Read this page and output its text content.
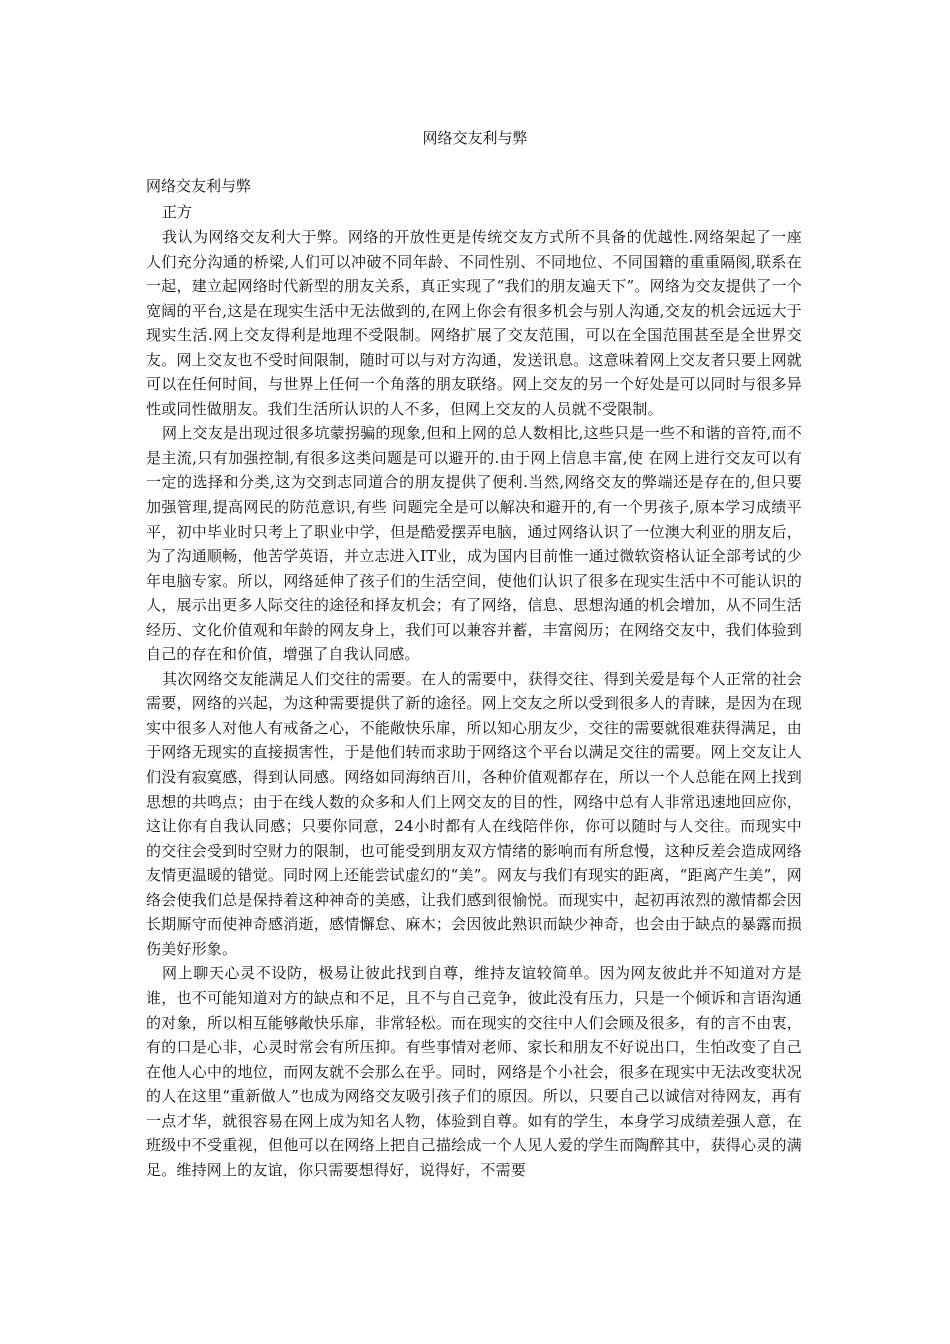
网络交友利与弊
网络交友利与弊
正方

我认为网络交友利大于弊。网络的开放性更是传统交友方式所不具备的优越性.网络架起了一座人们充分沟通的桥梁,人们可以冲破不同年龄、不同性别、不同地位、不同国籍的重重隔阂,联系在一起，建立起网络时代新型的朋友关系，真正实现了“我们的朋友遍天下”。网络为交友提供了一个宽阔的平台,这是在现实生活中无法做到的,在网上你会有很多机会与别人沟通,交友的机会远远大于现实生活.网上交友得利是地理不受限制。网络扩展了交友范围，可以在全国范围甚至是全世界交友。网上交友也不受时间限制，随时可以与对方沟通，发送讯息。这意味着网上交友者只要上网就可以在任何时间，与世界上任何一个角落的朋友联络。网上交友的另一个好处是可以同时与很多异性或同性做朋友。我们生活所认识的人不多，但网上交友的人员就不受限制。

网上交友是出现过很多坑蒙拐骗的现象,但和上网的总人数相比,这些只是一些不和谐的音符,而不是主流,只有加强控制,有很多这类问题是可以避开的.由于网上信息丰富,使 在网上进行交友可以有一定的选择和分类,这为交到志同道合的朋友提供了便利.当然,网络交友的弊端还是存在的,但只要加强管理,提高网民的防范意识,有些 问题完全是可以解决和避开的,有一个男孩子,原本学习成绩平平，初中毕业时只考上了职业中学，但是酷爱摆弄电脑，通过网络认识了一位澳大利亚的朋友后，为了沟通顺畅，他苦学英语，并立志进入IT业，成为国内目前惟一通过微软资格认证全部考试的少年电脑专家。所以，网络延伸了孩子们的生活空间，使他们认识了很多在现实生活中不可能认识的人，展示出更多人际交往的途径和择友机会；有了网络，信息、思想沟通的机会增加，从不同生活经历、文化价值观和年龄的网友身上，我们可以兼容并蓄，丰富阅历；在网络交友中，我们体验到自己的存在和价值，增强了自我认同感。

其次网络交友能满足人们交往的需要。在人的需要中，获得交往、得到关爱是每个人正常的社会需要，网络的兴起，为这种需要提供了新的途径。网上交友之所以受到很多人的青睐，是因为在现实中很多人对他人有戒备之心，不能敞快乐扉，所以知心朋友少，交往的需要就很难获得满足，由于网络无现实的直接损害性，于是他们转而求助于网络这个平台以满足交往的需要。网上交友让人们没有寂寞感，得到认同感。网络如同海纳百川，各种价值观都存在，所以一个人总能在网上找到思想的共鸣点；由于在线人数的众多和人们上网交友的目的性，网络中总有人非常迅速地回应你，这让你有自我认同感；只要你同意，24小时都有人在线陪伴你，你可以随时与人交往。而现实中的交往会受到时空财力的限制，也可能受到朋友双方情绪的影响而有所怠慢，这种反差会造成网络友情更温暖的错觉。同时网上还能尝试虚幻的“美”。网友与我们有现实的距离，“距离产生美”，网络会使我们总是保持着这种神奇的美感，让我们感到很愉悦。而现实中，起初再浓烈的激情都会因长期厮守而使神奇感消逝，感情懈怠、麻木；会因彼此熟识而缺少神奇，也会由于缺点的暴露而损伤美好形象。

网上聊天心灵不设防，极易让彼此找到自尊，维持友谊较简单。因为网友彼此并不知道对方是谁，也不可能知道对方的缺点和不足，且不与自己竞争，彼此没有压力，只是一个倾诉和言语沟通的对象，所以相互能够敞快乐扉，非常轻松。而在现实的交往中人们会顾及很多，有的言不由衷，有的口是心非，心灵时常会有所压抑。有些事情对老师、家长和朋友不好说出口，生怕改变了自己在他人心中的地位，而网友就不会那么在乎。同时，网络是个小社会，很多在现实中无法改变状况的人在这里“重新做人”也成为网络交友吸引孩子们的原因。所以，只要自己以诚信对待网友，再有一点才华，就很容易在网上成为知名人物，体验到自尊。如有的学生，本身学习成绩差强人意，在班级中不受重视，但他可以在网络上把自己描绘成一个人见人爱的学生而陶醉其中，获得心灵的满足。维持网上的友谊，你只需要想得好，说得好，不需要
